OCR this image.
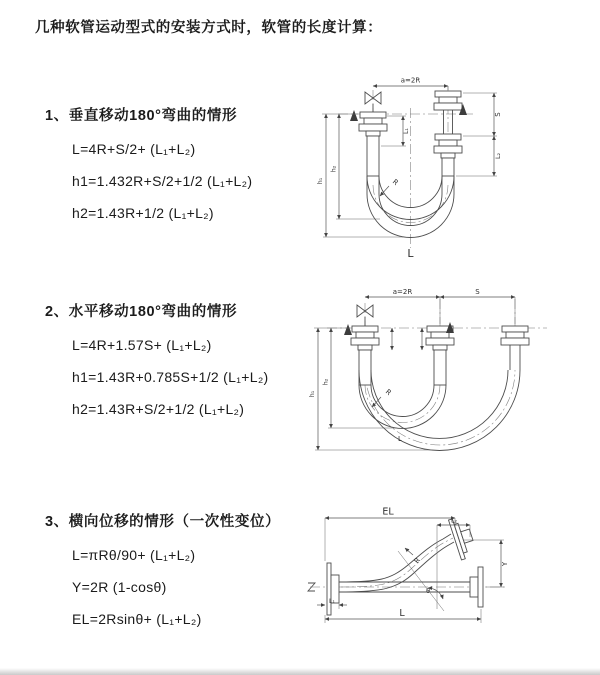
几种软管运动型式的安装方式时，软管的长度计算：
1、垂直移动180°弯曲的情形
L=4R+S/2+ (L₁+L₂)
h1=1.432R+S/2+1/2 (L₁+L₂)
h2=1.43R+1/2 (L₁+L₂)
2、水平移动180°弯曲的情形
L=4R+1.57S+ (L₁+L₂)
h1=1.43R+0.785S+1/2 (L₁+L₂)
h2=1.43R+S/2+1/2 (L₁+L₂)
3、横向位移的情形（一次性变位）
L=πRθ/90+ (L₁+L₂)
Y=2R (1-cosθ)
EL=2Rsinθ+ (L₁+L₂)
a=2R
L₁
S
L₂
h₁
h₂
R
L
a=2R	S
h₁
h₂
R
L
θ
EL
L₂
Y
L
L₁
R
